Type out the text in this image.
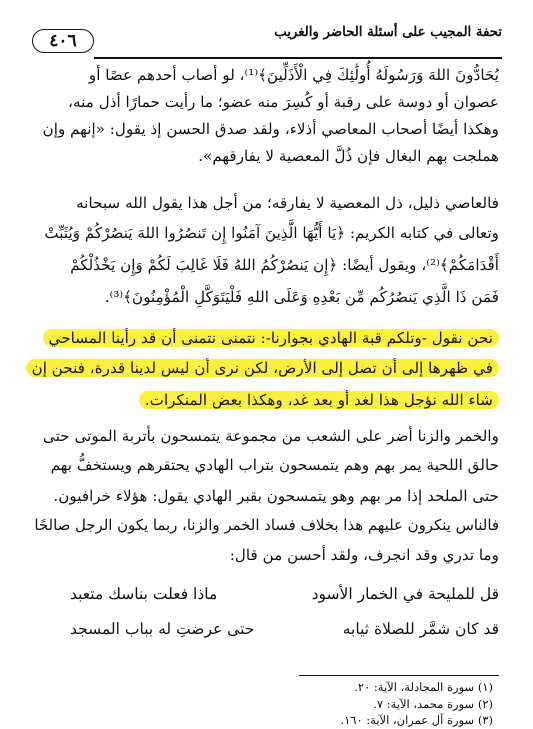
٤٠٦	تحفة المجيب على أسئلة الحاضر والغريب
يُحَادُّونَ اللهَ وَرَسُولَهُ أُولَٰئِكَ فِي الْأَذَلِّينَ﴾⁽¹⁾، لو أصاب أحدهم عصًا أو
عصوان أو دوسة على رقبة أو كُسِرَ منه عضو؛ ما رأيت حمارًا أذل منه،
وهكذا أيضًا أصحاب المعاصي أذلاء، ولقد صدق الحسن إذ يقول: «إنهم وإن
هملجت بهم البغال فإن ذُلَّ المعصية لا يفارقهم».
فالعاصي ذليل، ذل المعصية لا يفارقه؛ من أجل هذا يقول الله سبحانه
وتعالى في كتابه الكريم: ﴿يَا أَيُّهَا الَّذِينَ آمَنُوا إِن تَنصُرُوا اللهَ يَنصُرْكُمْ وَيُثَبِّتْ
أَقْدَامَكُمْ﴾⁽²⁾، ويقول أيضًا: ﴿إِن يَنصُرْكُمُ اللهُ فَلَا غَالِبَ لَكُمْ وَإِن يَخْذُلْكُمْ
فَمَن ذَا الَّذِي يَنصُرُكُم مِّن بَعْدِهِ وَعَلَى اللهِ فَلْيَتَوَكَّلِ الْمُؤْمِنُونَ﴾⁽³⁾.
نحن نقول -وتلكم قبة الهادي بجوارنا-: نتمنى نتمنى أن قد رأينا المساحي
في ظهرها إلى أن تصل إلى الأرض، لكن نرى أن ليس لدينا قدرة، فنحن إن
شاء الله نؤجل هذا لغد أو بعد غد، وهكذا بعض المنكرات.
والخمر والزنا أضر على الشعب من مجموعة يتمسحون بأتربة الموتى حتى
حالق اللحية يمر بهم وهم يتمسحون بتراب الهادي يحتقرهم ويستخفُّ بهم
حتى الملحد إذا مر بهم وهو يتمسحون بقبر الهادي يقول: هؤلاء خرافيون.
فالناس ينكرون عليهم هذا بخلاف فساد الخمر والزنا، ربما يكون الرجل صالحًا
وما تدري وقد انجرف، ولقد أحسن من قال:
قل للمليحة في الخمار الأسود
ماذا فعلت بناسك متعبد
قد كان شمَّر للصلاة ثيابه
حتى عرضتِ له بباب المسجد
(١) سورة المجادلة، الآية: ٢٠.
(٢) سورة محمد، الآية: ٧.
(٣) سورة آل عمران، الآية: ١٦٠.
